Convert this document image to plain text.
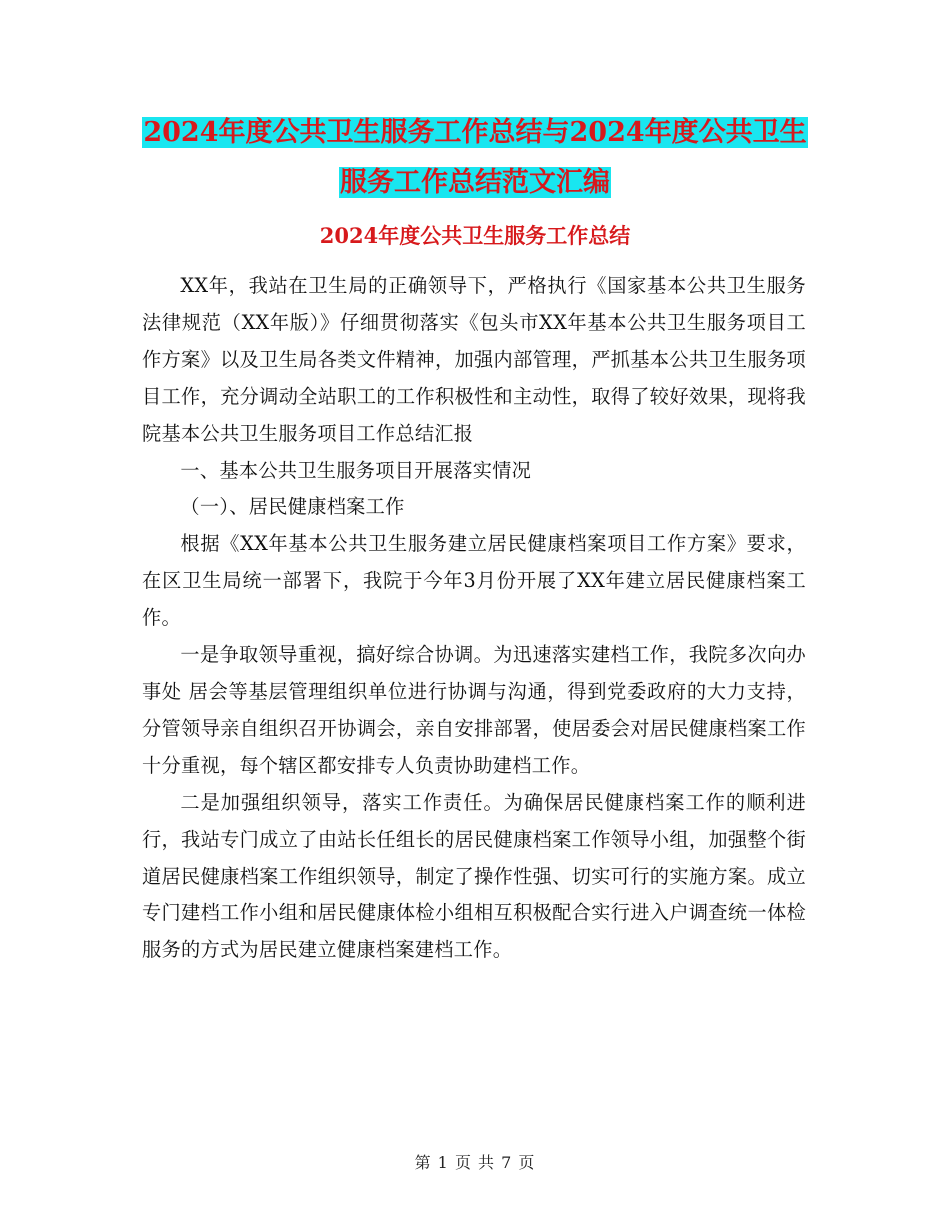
2024年度公共卫生服务工作总结与2024年度公共卫生
服务工作总结范文汇编
2024年度公共卫生服务工作总结

XX年，我站在卫生局的正确领导下，严格执行《国家基本公共卫生服务法律规范（XX年版）》仔细贯彻落实《包头市XX年基本公共卫生服务项目工作方案》以及卫生局各类文件精神，加强内部管理，严抓基本公共卫生服务项目工作，充分调动全站职工的工作积极性和主动性，取得了较好效果，现将我院基本公共卫生服务项目工作总结汇报

一、基本公共卫生服务项目开展落实情况

（一）、居民健康档案工作

根据《XX年基本公共卫生服务建立居民健康档案项目工作方案》要求，在区卫生局统一部署下，我院于今年3月份开展了XX年建立居民健康档案工作。

一是争取领导重视，搞好综合协调。为迅速落实建档工作，我院多次向办事处 居会等基层管理组织单位进行协调与沟通，得到党委政府的大力支持，分管领导亲自组织召开协调会，亲自安排部署，使居委会对居民健康档案工作十分重视，每个辖区都安排专人负责协助建档工作。

二是加强组织领导，落实工作责任。为确保居民健康档案工作的顺利进行，我站专门成立了由站长任组长的居民健康档案工作领导小组，加强整个街道居民健康档案工作组织领导，制定了操作性强、切实可行的实施方案。成立专门建档工作小组和居民健康体检小组相互积极配合实行进入户调查统一体检服务的方式为居民建立健康档案建档工作。

第 1 页 共 7 页
